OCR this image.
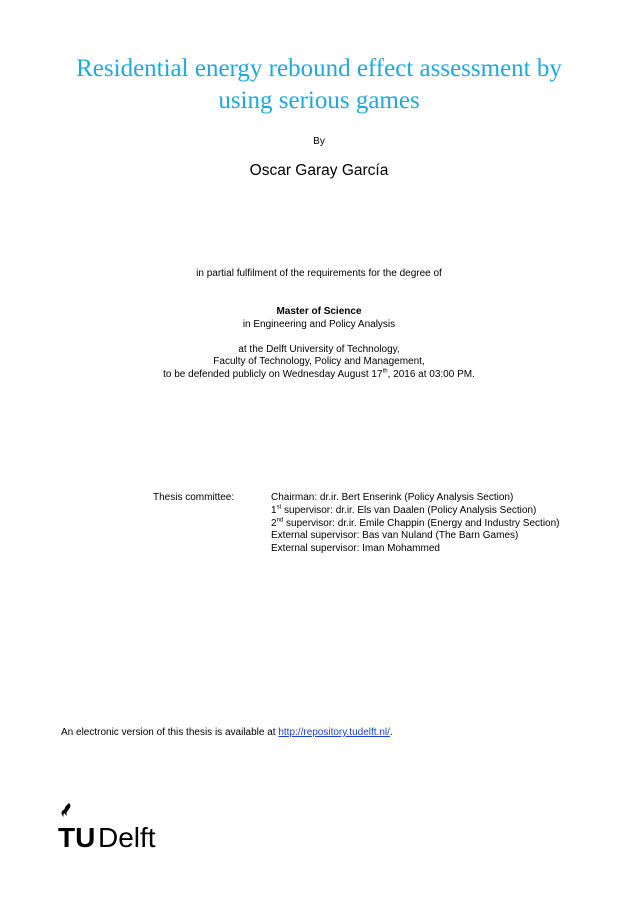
Residential energy rebound effect assessment by
using serious games
By
Oscar Garay García
in partial fulfilment of the requirements for the degree of
Master of Science
in Engineering and Policy Analysis
at the Delft University of Technology,
Faculty of Technology, Policy and Management,
to be defended publicly on Wednesday August 17th, 2016 at 03:00 PM.
Thesis committee:	Chairman: dr.ir. Bert Enserink (Policy Analysis Section)
1st supervisor: dr.ir. Els van Daalen (Policy Analysis Section)
2nd supervisor: dr.ir. Emile Chappin (Energy and Industry Section)
External supervisor: Bas van Nuland (The Barn Games)
External supervisor: Iman Mohammed
An electronic version of this thesis is available at http://repository.tudelft.nl/.
TU Delft
